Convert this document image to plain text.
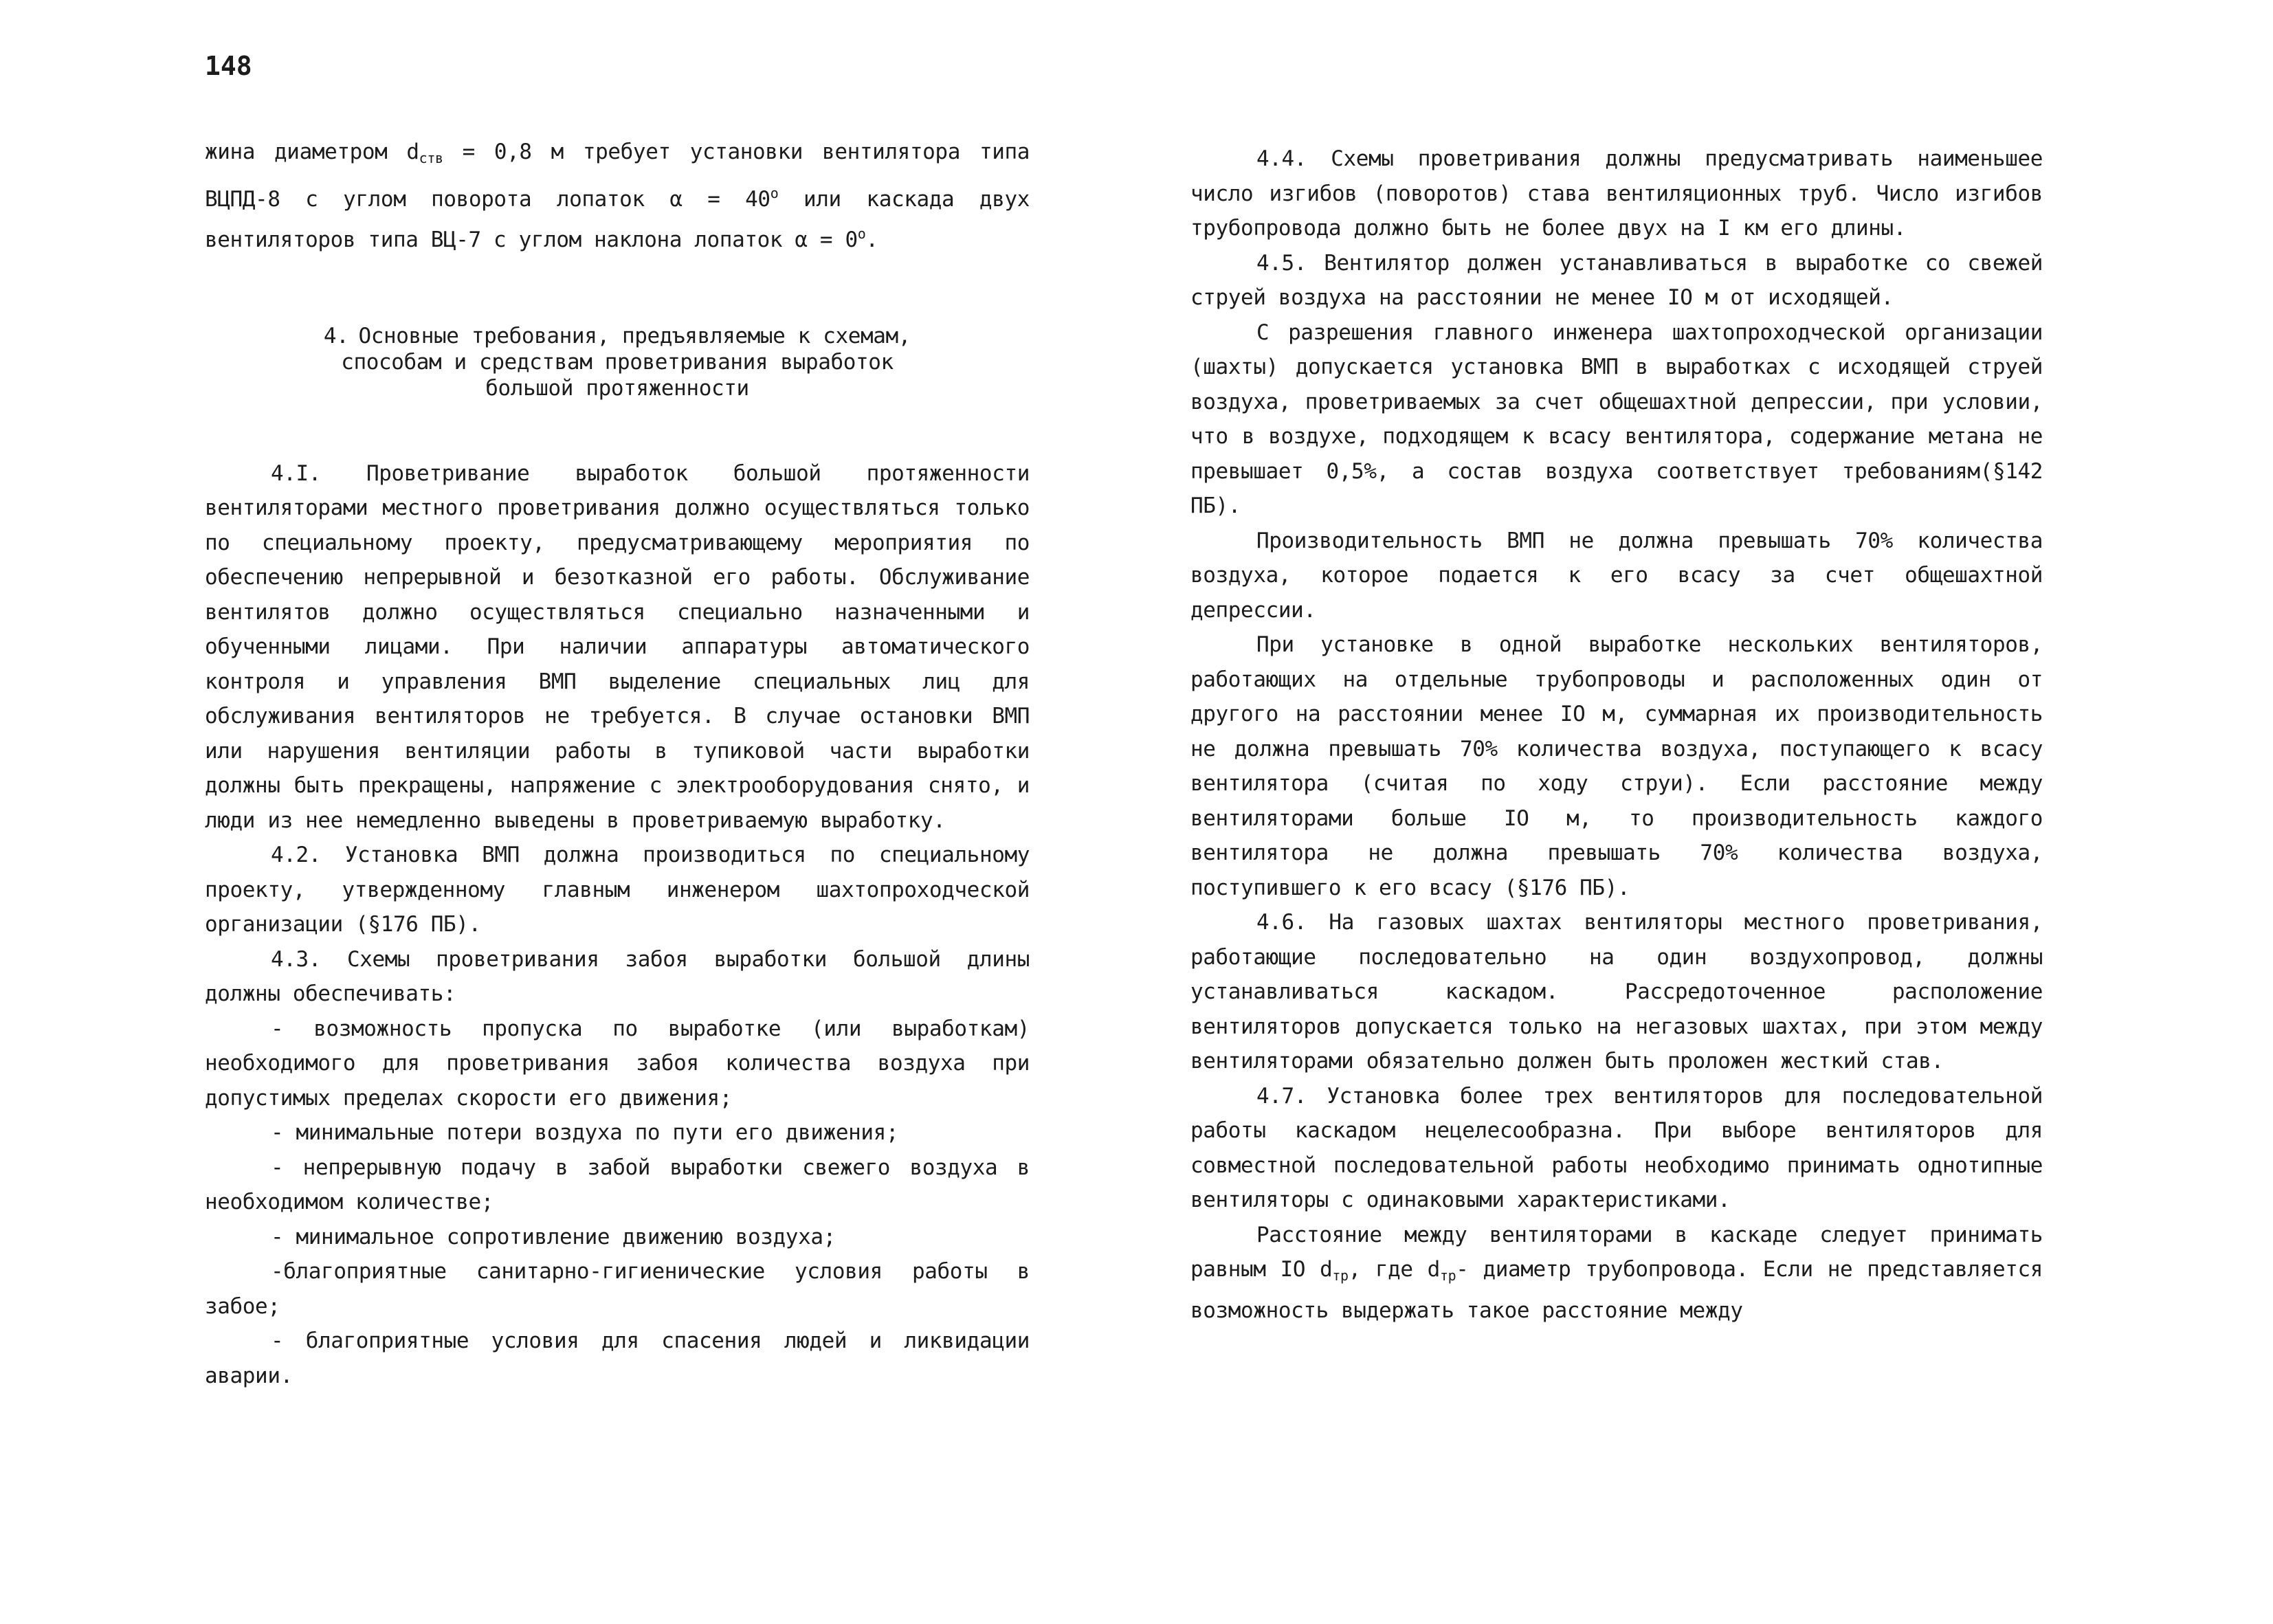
148

жина диаметром $d_{ств} = 0,8$ м требует установки вентилятора типа ВЦПД-8 с углом поворота лопаток $\alpha = 40^о$ или каскада двух вентиляторов типа ВЦ-7 с углом наклона лопаток $\alpha = 0^о$.

4. Основные требования, предъявляемые к схемам,
способам и средствам проветривания выработок
большой протяженности

4.I. Проветривание выработок большой протяженности вентиляторами местного проветривания должно осуществляться только по специальному проекту, предусматривающему мероприятия по обеспечению непрерывной и безотказной его работы. Обслуживание вентилятов должно осуществляться специально назначенными и обученными лицами. При наличии аппаратуры автоматического контроля и управления ВМП выделение специальных лиц для обслуживания вентиляторов не требуется. В случае остановки ВМП или нарушения вентиляции работы в тупиковой части выработки должны быть прекращены, напряжение с электрооборудования снято, и люди из нее немедленно выведены в проветриваемую выработку.

4.2. Установка ВМП должна производиться по специальному проекту, утвержденному главным инженером шахтопроходческой организации (§176 ПБ).

4.3. Схемы проветривания забоя выработки большой длины должны обеспечивать:

- возможность пропуска по выработке (или выработкам) необходимого для проветривания забоя количества воздуха при допустимых пределах скорости его движения;

- минимальные потери воздуха по пути его движения;

- непрерывную подачу в забой выработки свежего воздуха в необходимом количестве;

- минимальное сопротивление движению воздуха;

-благоприятные санитарно-гигиенические условия работы в забое;

- благоприятные условия для спасения людей и ликвидации аварии.

4.4. Схемы проветривания должны предусматривать наименьшее число изгибов (поворотов) става вентиляционных труб. Число изгибов трубопровода должно быть не более двух на I км его длины.

4.5. Вентилятор должен устанавливаться в выработке со свежей струей воздуха на расстоянии не менее IO м от исходящей.

С разрешения главного инженера шахтопроходческой организации (шахты) допускается установка ВМП в выработках с исходящей струей воздуха, проветриваемых за счет общешахтной депрессии, при условии, что в воздухе, подходящем к всасу вентилятора, содержание метана не превышает 0,5%, а состав воздуха соответствует требованиям(§142 ПБ).

Производительность ВМП не должна превышать 70% количества воздуха, которое подается к его всасу за счет общешахтной депрессии.

При установке в одной выработке нескольких вентиляторов, работающих на отдельные трубопроводы и расположенных один от другого на расстоянии менее IO м, суммарная их производительность не должна превышать 70% количества воздуха, поступающего к всасу вентилятора (считая по ходу струи). Если расстояние между вентиляторами больше IO м, то производительность каждого вентилятора не должна превышать 70% количества воздуха, поступившего к его всасу (§176 ПБ).

4.6. На газовых шахтах вентиляторы местного проветривания, работающие последовательно на один воздухопровод, должны устанавливаться каскадом. Рассредоточенное расположение вентиляторов допускается только на негазовых шахтах, при этом между вентиляторами обязательно должен быть проложен жесткий став.

4.7. Установка более трех вентиляторов для последовательной работы каскадом нецелесообразна. При выборе вентиляторов для совместной последовательной работы необходимо принимать однотипные вентиляторы с одинаковыми характеристиками.

Расстояние между вентиляторами в каскаде следует принимать равным IO $d_{тр}$, где $d_{тр}-$ диаметр трубопровода. Если не представляется возможность выдержать такое расстояние между
